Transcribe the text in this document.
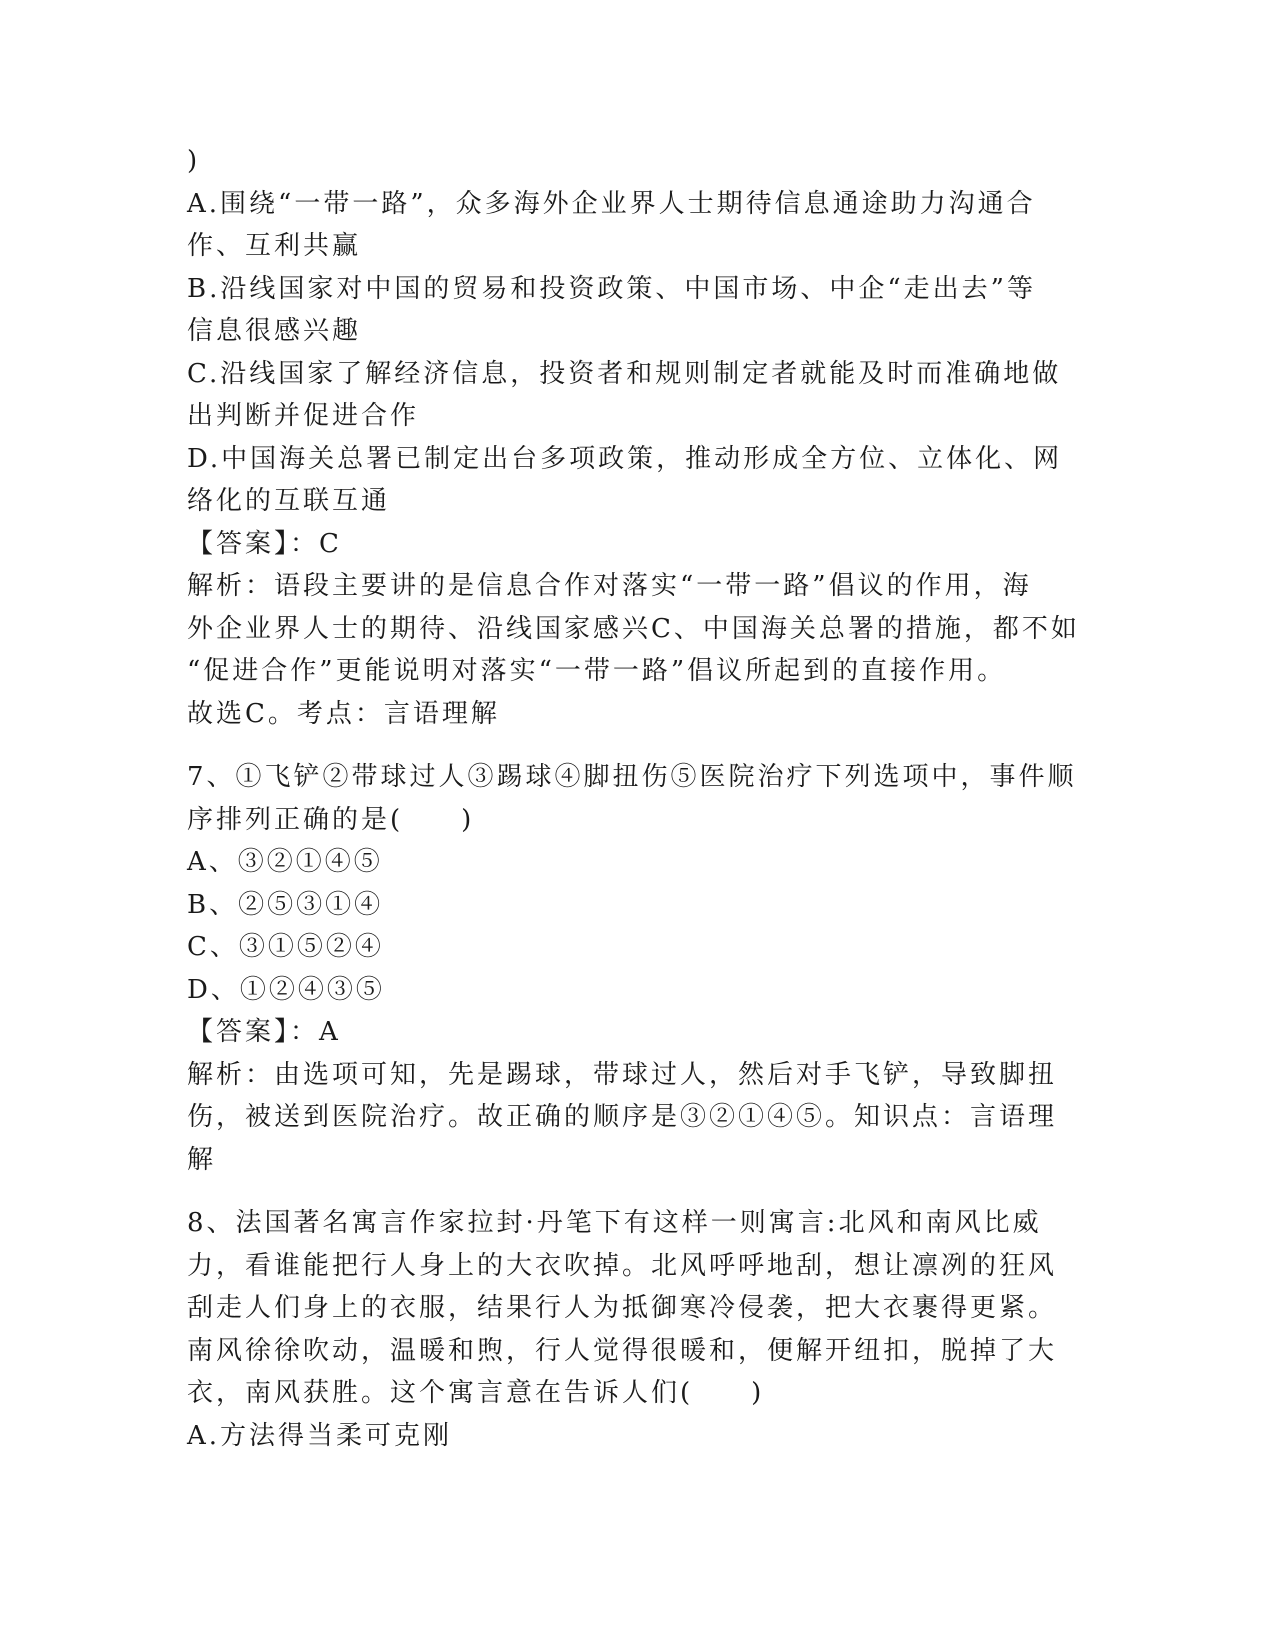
)
A.围绕“一带一路”，众多海外企业界人士期待信息通途助力沟通合
作、互利共赢
B.沿线国家对中国的贸易和投资政策、中国市场、中企“走出去”等
信息很感兴趣
C.沿线国家了解经济信息，投资者和规则制定者就能及时而准确地做
出判断并促进合作
D.中国海关总署已制定出台多项政策，推动形成全方位、立体化、网
络化的互联互通
【答案】：C
解析：语段主要讲的是信息合作对落实“一带一路”倡议的作用，海
外企业界人士的期待、沿线国家感兴C、中国海关总署的措施，都不如
“促进合作”更能说明对落实“一带一路”倡议所起到的直接作用。
故选C。考点：言语理解
7、①飞铲②带球过人③踢球④脚扭伤⑤医院治疗下列选项中，事件顺
序排列正确的是(　　)
A、③②①④⑤
B、②⑤③①④
C、③①⑤②④
D、①②④③⑤
【答案】：A
解析：由选项可知，先是踢球，带球过人，然后对手飞铲，导致脚扭
伤，被送到医院治疗。故正确的顺序是③②①④⑤。知识点：言语理
解
8、法国著名寓言作家拉封·丹笔下有这样一则寓言:北风和南风比威
力，看谁能把行人身上的大衣吹掉。北风呼呼地刮，想让凛冽的狂风
刮走人们身上的衣服，结果行人为抵御寒冷侵袭，把大衣裹得更紧。
南风徐徐吹动，温暖和煦，行人觉得很暖和，便解开纽扣，脱掉了大
衣，南风获胜。这个寓言意在告诉人们(　　)
A.方法得当柔可克刚
